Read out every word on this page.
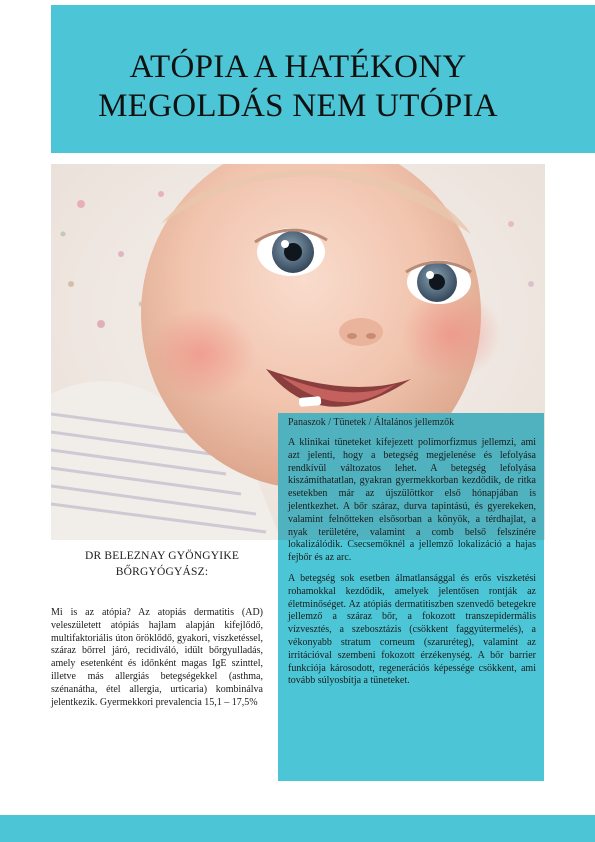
ATÓPIA A HATÉKONY
MEGOLDÁS NEM UTÓPIA

Panaszok / Tünetek / Általános jellemzők

A klinikai tüneteket kifejezett polimorfizmus jellemzi, ami azt jelenti, hogy a betegség megjelenése és lefolyása rendkívül változatos lehet. A betegség lefolyása kiszámíthatatlan, gyakran gyermekkorban kezdődik, de ritka esetekben már az újszülöttkor első hónapjában is jelentkezhet. A bőr száraz, durva tapintású, és gyerekeken, valamint felnőtteken elsősorban a könyök, a térdhajlat, a nyak területére, valamint a comb belső felszínére lokalizálódik. Csecsemőknél a jellemző lokalizáció a hajas fejbőr és az arc.

A betegség sok esetben álmatlansággal és erős viszketési rohamokkal kezdődik, amelyek jelentősen rontják az életminőséget. Az atópiás dermatitiszben szenvedő betegekre jellemző a száraz bőr, a fokozott transzepidermális vízvesztés, a szebosztázis (csökkent faggyútermelés), a vékonyabb stratum corneum (szaruréteg), valamint az irritációval szembeni fokozott érzékenység. A bőr barrier funkciója károsodott, regenerációs képessége csökkent, ami tovább súlyosbítja a tüneteket.

DR BELEZNAY GYÖNGYIKE
BŐRGYÓGYÁSZ:

Mi is az atópia? Az atopiás dermatitis (AD) veleszületett atópiás hajlam alapján kifejlődő, multifaktoriális úton öröklődő, gyakori, viszketéssel, száraz bőrrel járó, recidiváló, idült bőrgyulladás, amely esetenként és időnként magas IgE szinttel, illetve más allergiás betegségekkel (asthma, szénanátha, étel allergia, urticaria) kombinálva jelentkezik. Gyermekkori prevalencia 15,1 – 17,5%
